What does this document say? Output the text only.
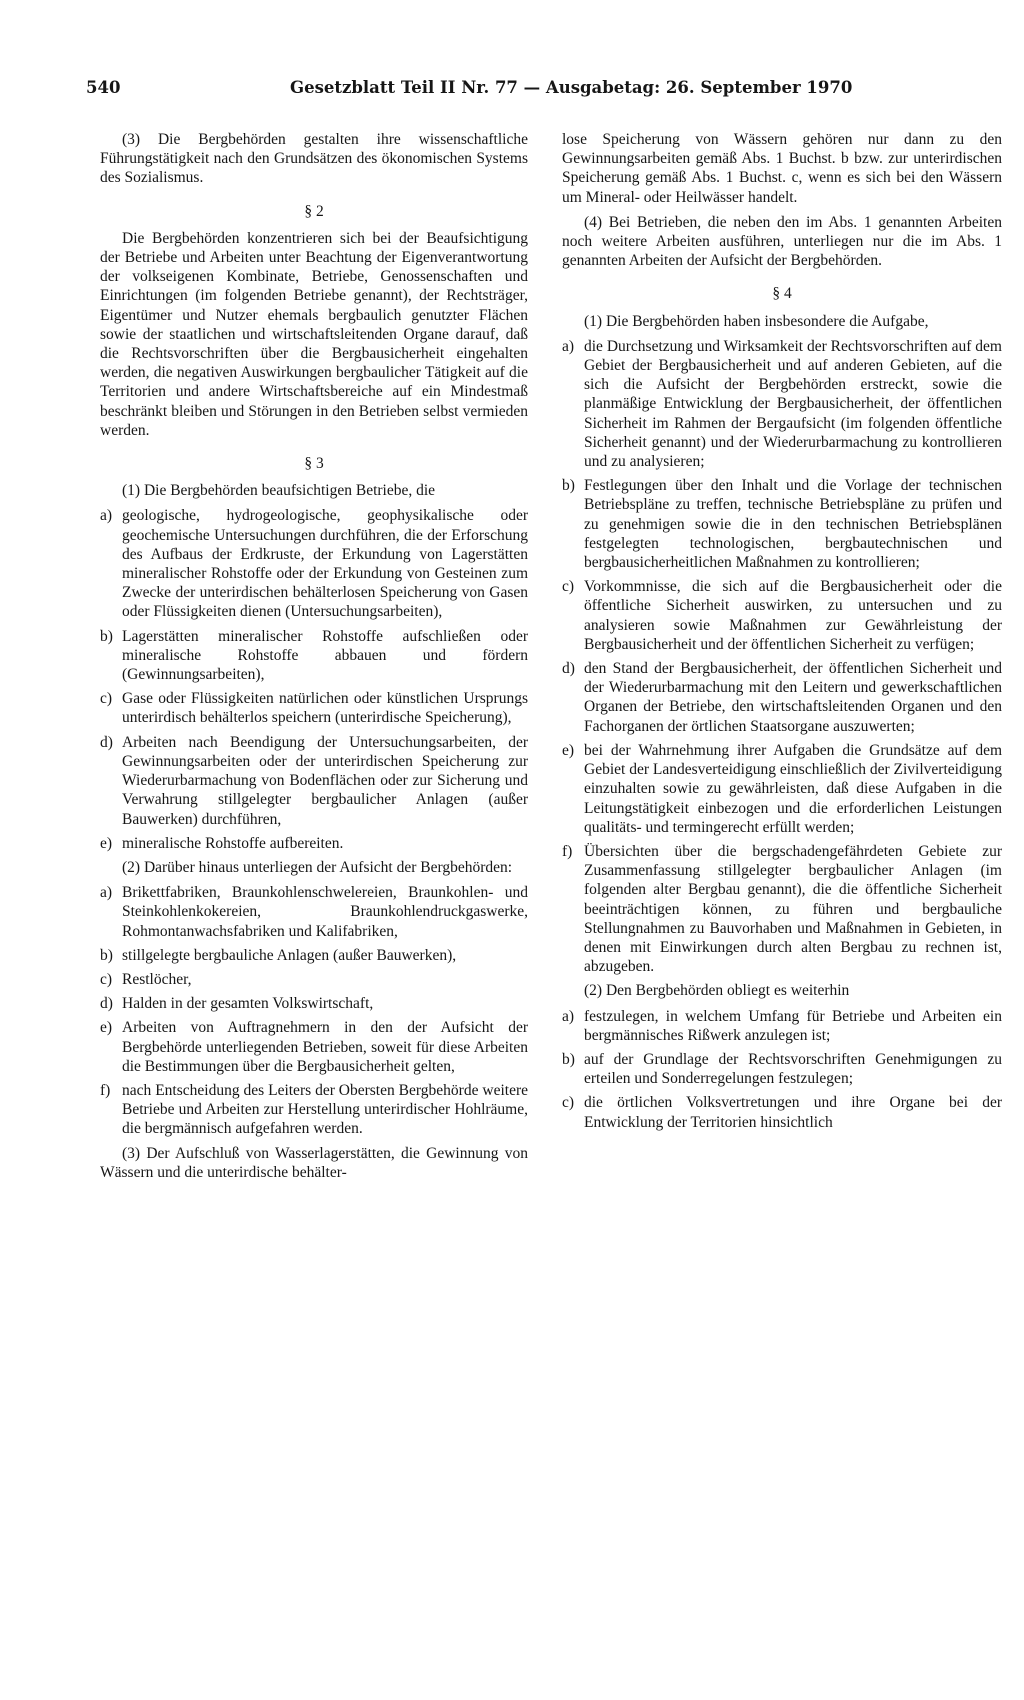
540	Gesetzblatt Teil II Nr. 77 — Ausgabetag: 26. September 1970

(3) Die Bergbehörden gestalten ihre wissenschaftliche Führungstätigkeit nach den Grundsätzen des ökonomischen Systems des Sozialismus.

§ 2

Die Bergbehörden konzentrieren sich bei der Beaufsichtigung der Betriebe und Arbeiten unter Beachtung der Eigenverantwortung der volkseigenen Kombinate, Betriebe, Genossenschaften und Einrichtungen (im folgenden Betriebe genannt), der Rechtsträger, Eigentümer und Nutzer ehemals bergbaulich genutzter Flächen sowie der staatlichen und wirtschaftsleitenden Organe darauf, daß die Rechtsvorschriften über die Bergbausicherheit eingehalten werden, die negativen Auswirkungen bergbaulicher Tätigkeit auf die Territorien und andere Wirtschaftsbereiche auf ein Mindestmaß beschränkt bleiben und Störungen in den Betrieben selbst vermieden werden.

§ 3

(1) Die Bergbehörden beaufsichtigen Betriebe, die

a) geologische, hydrogeologische, geophysikalische oder geochemische Untersuchungen durchführen, die der Erforschung des Aufbaus der Erdkruste, der Erkundung von Lagerstätten mineralischer Rohstoffe oder der Erkundung von Gesteinen zum Zwecke der unterirdischen behälterlosen Speicherung von Gasen oder Flüssigkeiten dienen (Untersuchungsarbeiten),
b) Lagerstätten mineralischer Rohstoffe aufschließen oder mineralische Rohstoffe abbauen und fördern (Gewinnungsarbeiten),
c) Gase oder Flüssigkeiten natürlichen oder künstlichen Ursprungs unterirdisch behälterlos speichern (unterirdische Speicherung),
d) Arbeiten nach Beendigung der Untersuchungsarbeiten, der Gewinnungsarbeiten oder der unterirdischen Speicherung zur Wiederurbarmachung von Bodenflächen oder zur Sicherung und Verwahrung stillgelegter bergbaulicher Anlagen (außer Bauwerken) durchführen,
e) mineralische Rohstoffe aufbereiten.

(2) Darüber hinaus unterliegen der Aufsicht der Bergbehörden:

a) Brikettfabriken, Braunkohlenschwelereien, Braunkohlen- und Steinkohlenkokereien, Braunkohlendruckgaswerke, Rohmontanwachsfabriken und Kalifabriken,
b) stillgelegte bergbauliche Anlagen (außer Bauwerken),
c) Restlöcher,
d) Halden in der gesamten Volkswirtschaft,
e) Arbeiten von Auftragnehmern in den der Aufsicht der Bergbehörde unterliegenden Betrieben, soweit für diese Arbeiten die Bestimmungen über die Bergbausicherheit gelten,
f) nach Entscheidung des Leiters der Obersten Bergbehörde weitere Betriebe und Arbeiten zur Herstellung unterirdischer Hohlräume, die bergmännisch aufgefahren werden.

(3) Der Aufschluß von Wasserlagerstätten, die Gewinnung von Wässern und die unterirdische behälter-

lose Speicherung von Wässern gehören nur dann zu den Gewinnungsarbeiten gemäß Abs. 1 Buchst. b bzw. zur unterirdischen Speicherung gemäß Abs. 1 Buchst. c, wenn es sich bei den Wässern um Mineral- oder Heilwässer handelt.

(4) Bei Betrieben, die neben den im Abs. 1 genannten Arbeiten noch weitere Arbeiten ausführen, unterliegen nur die im Abs. 1 genannten Arbeiten der Aufsicht der Bergbehörden.

§ 4

(1) Die Bergbehörden haben insbesondere die Aufgabe,

a) die Durchsetzung und Wirksamkeit der Rechtsvorschriften auf dem Gebiet der Bergbausicherheit und auf anderen Gebieten, auf die sich die Aufsicht der Bergbehörden erstreckt, sowie die planmäßige Entwicklung der Bergbausicherheit, der öffentlichen Sicherheit im Rahmen der Bergaufsicht (im folgenden öffentliche Sicherheit genannt) und der Wiederurbarmachung zu kontrollieren und zu analysieren;
b) Festlegungen über den Inhalt und die Vorlage der technischen Betriebspläne zu treffen, technische Betriebspläne zu prüfen und zu genehmigen sowie die in den technischen Betriebsplänen festgelegten technologischen, bergbautechnischen und bergbausicherheitlichen Maßnahmen zu kontrollieren;
c) Vorkommnisse, die sich auf die Bergbausicherheit oder die öffentliche Sicherheit auswirken, zu untersuchen und zu analysieren sowie Maßnahmen zur Gewährleistung der Bergbausicherheit und der öffentlichen Sicherheit zu verfügen;
d) den Stand der Bergbausicherheit, der öffentlichen Sicherheit und der Wiederurbarmachung mit den Leitern und gewerkschaftlichen Organen der Betriebe, den wirtschaftsleitenden Organen und den Fachorganen der örtlichen Staatsorgane auszuwerten;
e) bei der Wahrnehmung ihrer Aufgaben die Grundsätze auf dem Gebiet der Landesverteidigung einschließlich der Zivilverteidigung einzuhalten sowie zu gewährleisten, daß diese Aufgaben in die Leitungstätigkeit einbezogen und die erforderlichen Leistungen qualitäts- und termingerecht erfüllt werden;
f) Übersichten über die bergschadengefährdeten Gebiete zur Zusammenfassung stillgelegter bergbaulicher Anlagen (im folgenden alter Bergbau genannt), die die öffentliche Sicherheit beeinträchtigen können, zu führen und bergbauliche Stellungnahmen zu Bauvorhaben und Maßnahmen in Gebieten, in denen mit Einwirkungen durch alten Bergbau zu rechnen ist, abzugeben.

(2) Den Bergbehörden obliegt es weiterhin

a) festzulegen, in welchem Umfang für Betriebe und Arbeiten ein bergmännisches Rißwerk anzulegen ist;
b) auf der Grundlage der Rechtsvorschriften Genehmigungen zu erteilen und Sonderregelungen festzulegen;
c) die örtlichen Volksvertretungen und ihre Organe bei der Entwicklung der Territorien hinsichtlich
